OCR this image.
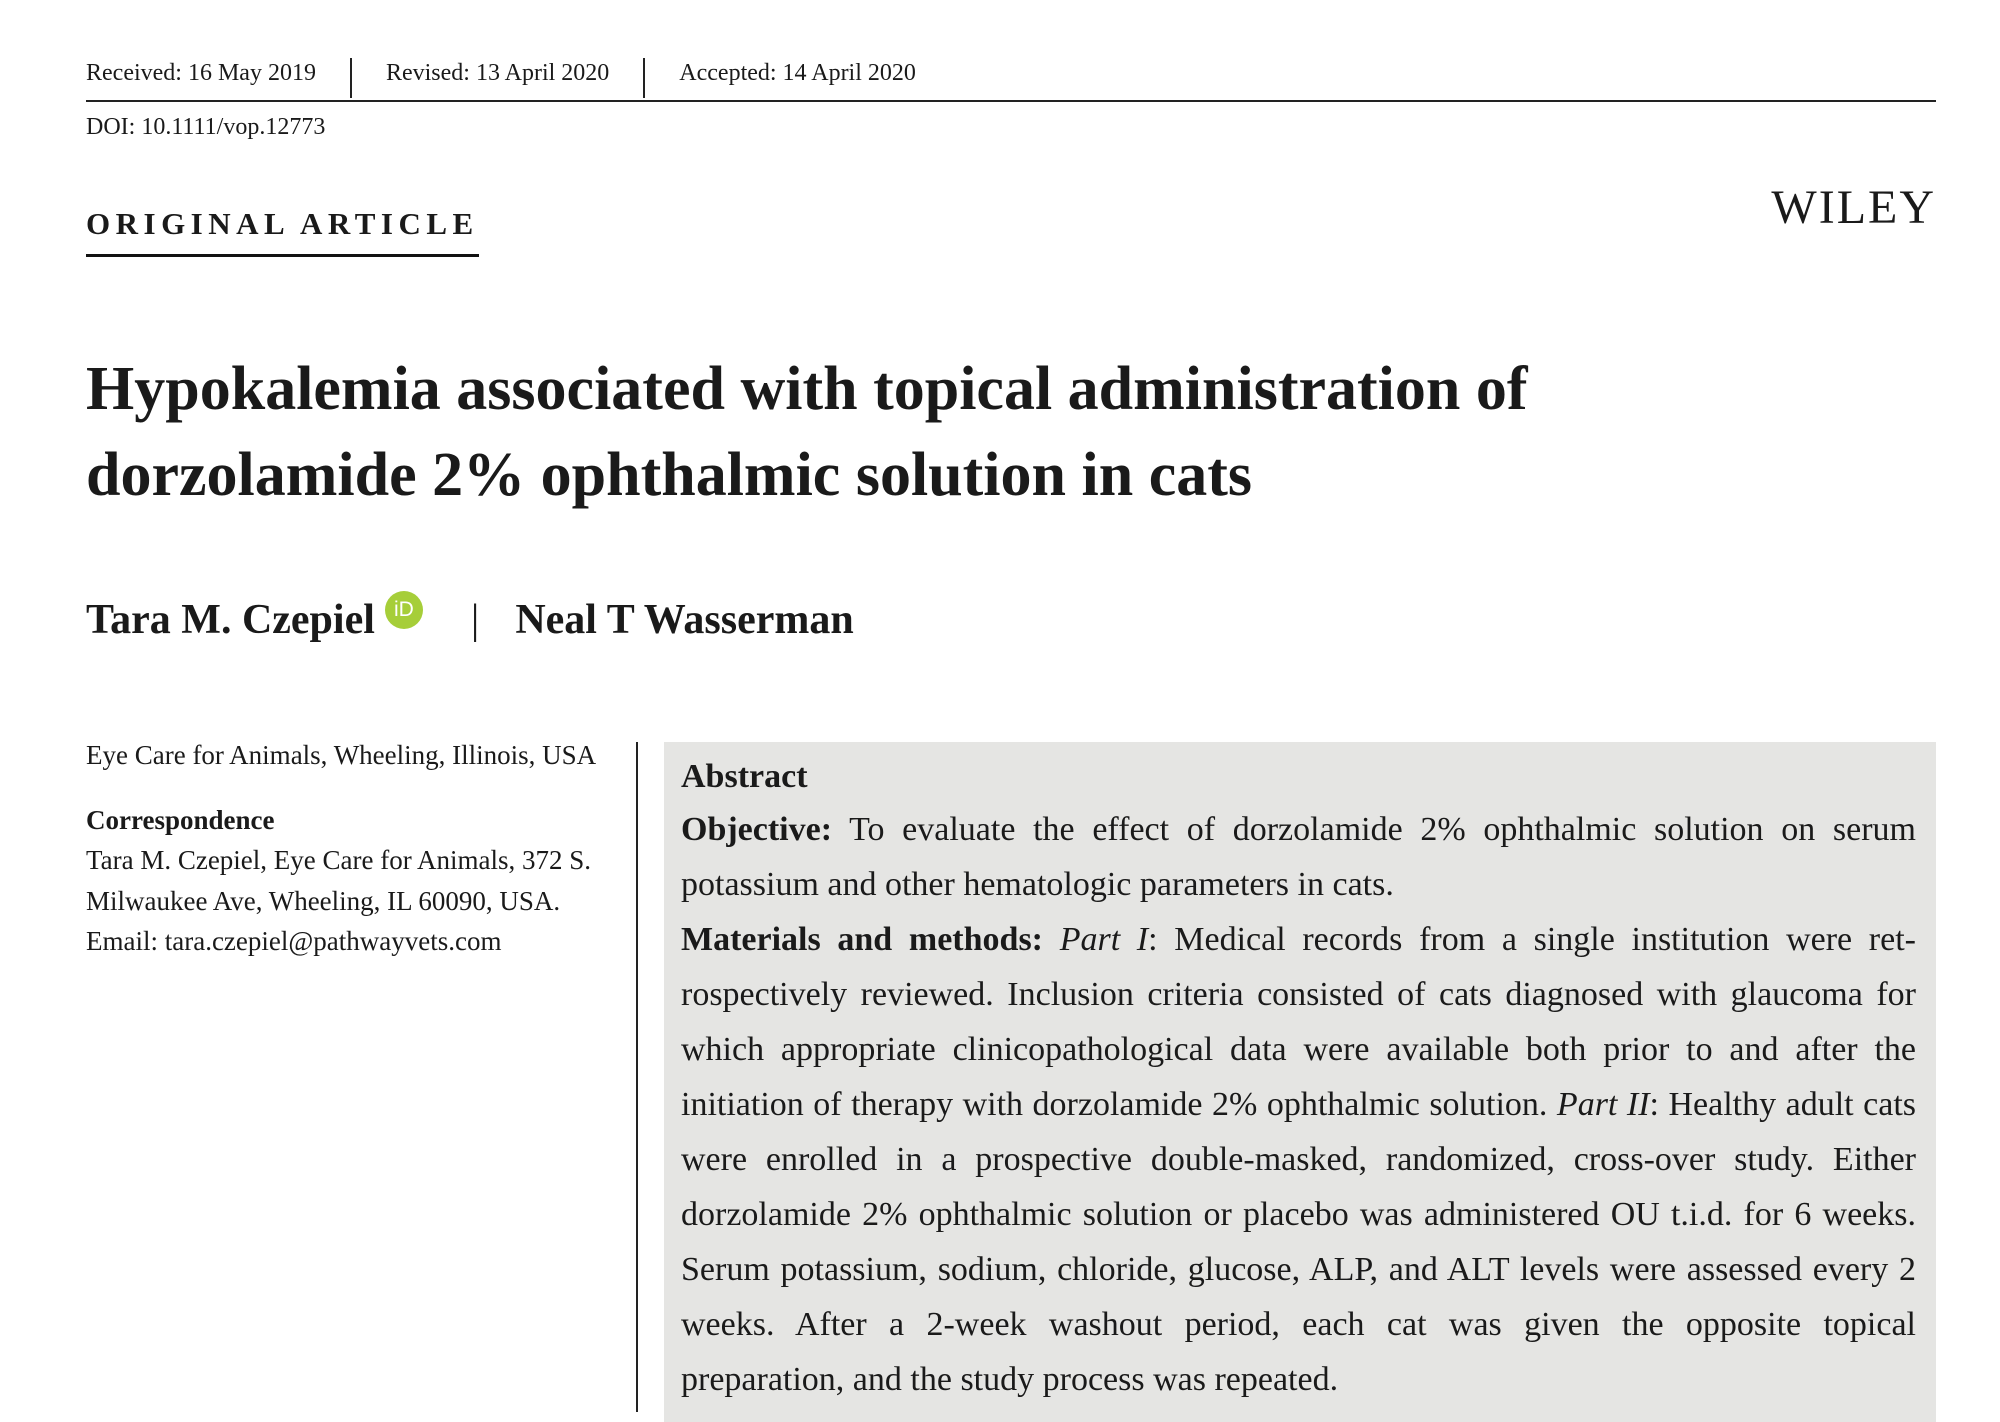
Received: 16 May 2019	Revised: 13 April 2020	Accepted: 14 April 2020
DOI: 10.1111/vop.12773
ORIGINAL ARTICLE	WILEY
Hypokalemia associated with topical administration of dorzolamide 2% ophthalmic solution in cats
Tara M. Czepiel iD | Neal T Wasserman

Eye Care for Animals, Wheeling, Illinois, USA

Correspondence

Tara M. Czepiel, Eye Care for Animals, 372 S. Milwaukee Ave, Wheeling, IL 60090, USA.

Email: tara.czepiel@pathwayvets.com

Abstract

Objective: To evaluate the effect of dorzolamide 2% ophthalmic solution on serum potassium and other hematologic parameters in cats.

Materials and methods: Part I: Medical records from a single institution were retrospectively reviewed. Inclusion criteria consisted of cats diagnosed with glaucoma for which appropriate clinicopathological data were available both prior to and after the initiation of therapy with dorzolamide 2% ophthalmic solution. Part II: Healthy adult cats were enrolled in a prospective double-masked, randomized, cross-over study. Either dorzolamide 2% ophthalmic solution or placebo was administered OU t.i.d. for 6 weeks. Serum potassium, sodium, chloride, glucose, ALP, and ALT levels were assessed every 2 weeks. After a 2-week washout period, each cat was given the opposite topical preparation, and the study process was repeated.
